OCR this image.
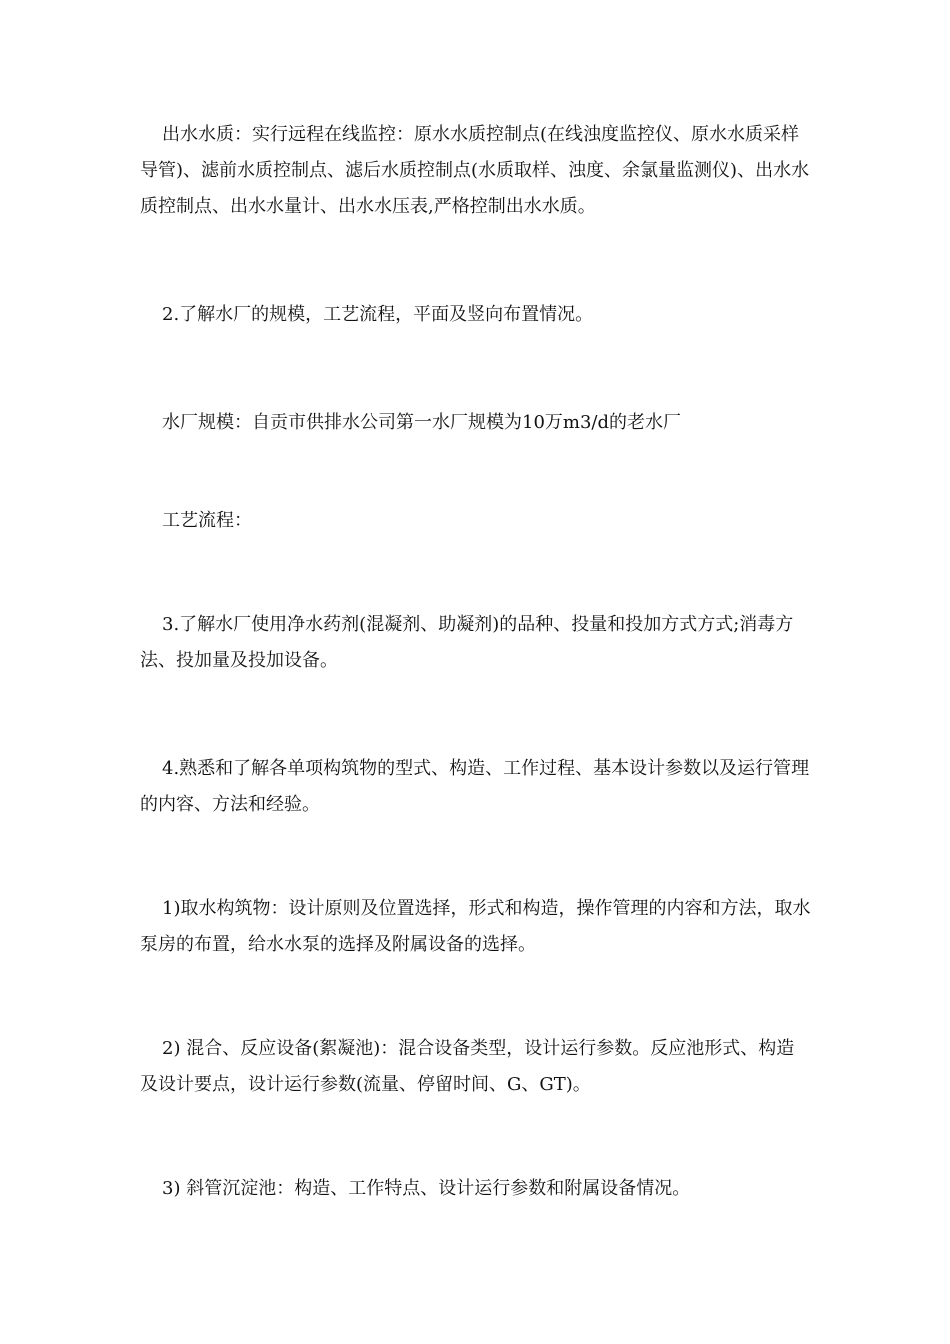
出水水质：实行远程在线监控：原水水质控制点(在线浊度监控仪、原水水质采样导管)、滤前水质控制点、滤后水质控制点(水质取样、浊度、余氯量监测仪)、出水水质控制点、出水水量计、出水水压表,严格控制出水水质。

2.了解水厂的规模，工艺流程，平面及竖向布置情况。

水厂规模：自贡市供排水公司第一水厂规模为10万m3/d的老水厂

工艺流程：

3.了解水厂使用净水药剂(混凝剂、助凝剂)的品种、投量和投加方式方式;消毒方法、投加量及投加设备。

4.熟悉和了解各单项构筑物的型式、构造、工作过程、基本设计参数以及运行管理的内容、方法和经验。

1)取水构筑物：设计原则及位置选择，形式和构造，操作管理的内容和方法，取水泵房的布置，给水水泵的选择及附属设备的选择。

2) 混合、反应设备(絮凝池)：混合设备类型，设计运行参数。反应池形式、构造及设计要点，设计运行参数(流量、停留时间、G、GT)。

3) 斜管沉淀池：构造、工作特点、设计运行参数和附属设备情况。
